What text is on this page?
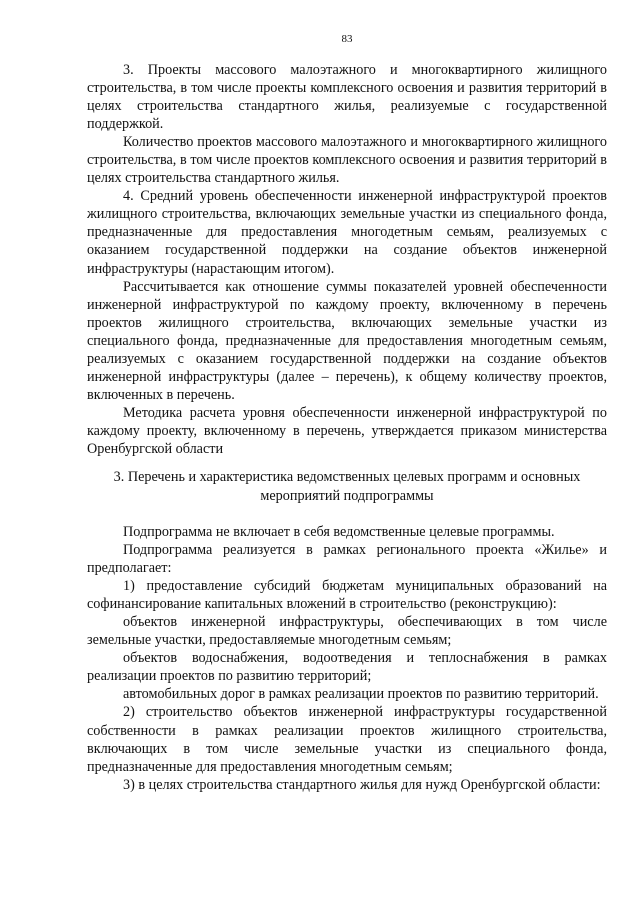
83

3. Проекты массового малоэтажного и многоквартирного жилищного строительства, в том числе проекты комплексного освоения и развития территорий в целях строительства стандартного жилья, реализуемые с государственной поддержкой.

Количество проектов массового малоэтажного и многоквартирного жилищного строительства, в том числе проектов комплексного освоения и развития территорий в целях строительства стандартного жилья.

4. Средний уровень обеспеченности инженерной инфраструктурой проектов жилищного строительства, включающих земельные участки из специального фонда, предназначенные для предоставления многодетным семьям, реализуемых с оказанием государственной поддержки на создание объектов инженерной инфраструктуры (нарастающим итогом).

Рассчитывается как отношение суммы показателей уровней обеспеченности инженерной инфраструктурой по каждому проекту, включенному в перечень проектов жилищного строительства, включающих земельные участки из специального фонда, предназначенные для предоставления многодетным семьям, реализуемых с оказанием государственной поддержки на создание объектов инженерной инфраструктуры (далее – перечень), к общему количеству проектов, включенных в перечень.

Методика расчета уровня обеспеченности инженерной инфраструктурой по каждому проекту, включенному в перечень, утверждается приказом министерства Оренбургской области

3. Перечень и характеристика ведомственных целевых программ и основных мероприятий подпрограммы

Подпрограмма не включает в себя ведомственные целевые программы.

Подпрограмма реализуется в рамках регионального проекта «Жилье» и предполагает:

1) предоставление субсидий бюджетам муниципальных образований на софинансирование капитальных вложений в строительство (реконструкцию):

объектов инженерной инфраструктуры, обеспечивающих в том числе земельные участки, предоставляемые многодетным семьям;

объектов водоснабжения, водоотведения и теплоснабжения в рамках реализации проектов по развитию территорий;

автомобильных дорог в рамках реализации проектов по развитию территорий.

2) строительство объектов инженерной инфраструктуры государственной собственности в рамках реализации проектов жилищного строительства, включающих в том числе земельные участки из специального фонда, предназначенные для предоставления многодетным семьям;

3) в целях строительства стандартного жилья для нужд Оренбургской области:
